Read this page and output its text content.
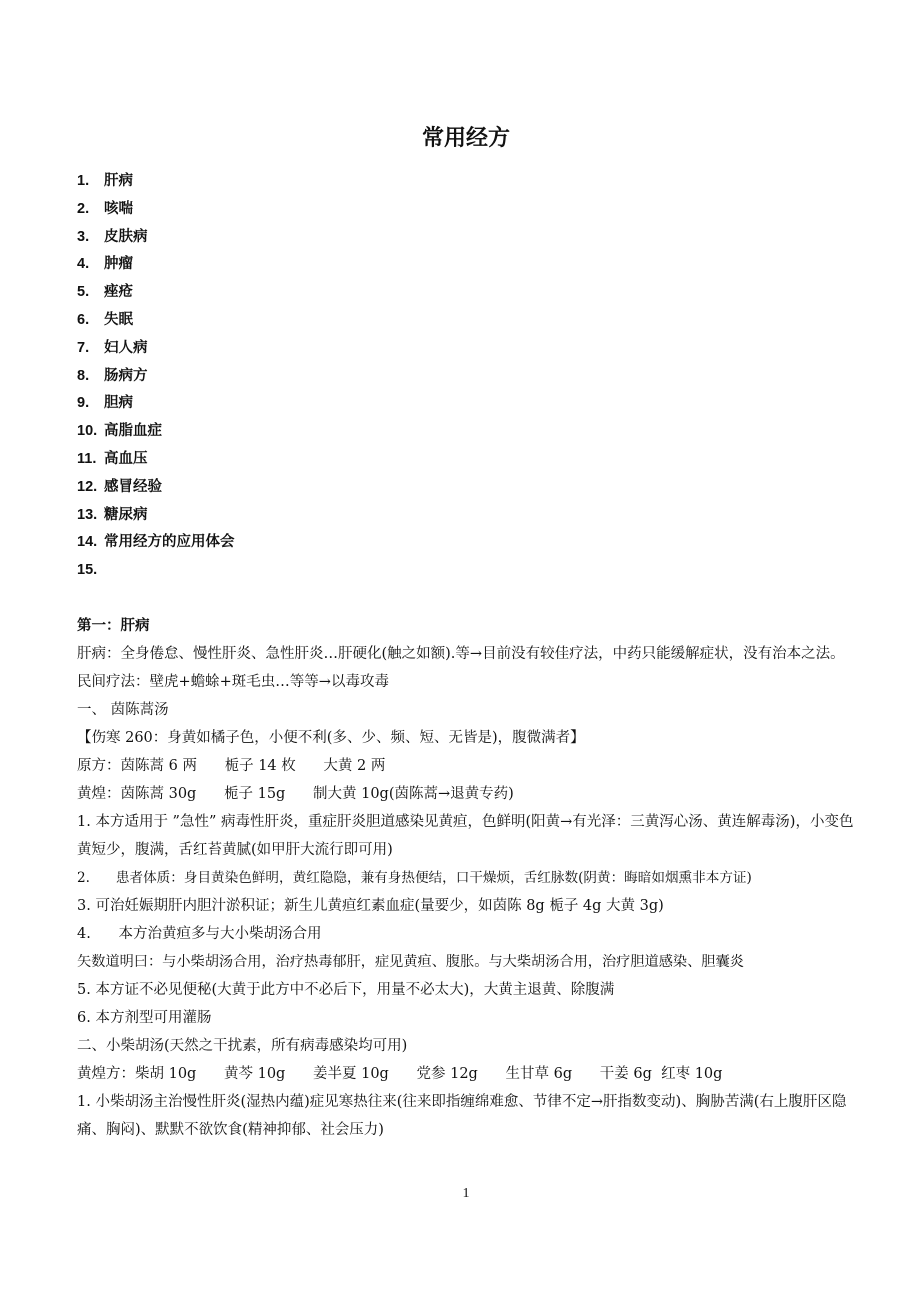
常用经方
1. 肝病
2. 咳喘
3. 皮肤病
4. 肿瘤
5. 痤疮
6. 失眠
7. 妇人病
8. 肠病方
9. 胆病
10. 高脂血症
11. 高血压
12. 感冒经验
13. 糖尿病
14. 常用经方的应用体会
15.

第一：肝病

肝病：全身倦怠、慢性肝炎、急性肝炎…肝硬化(触之如额).等→目前没有较佳疗法，中药只能缓解症状，没有治本之法。

民间疗法：壁虎+蟾蜍+斑毛虫…等等→以毒攻毒

一、 茵陈蒿汤

【伤寒 260：身黄如橘子色，小便不利(多、少、频、短、无皆是)，腹微满者】

原方：茵陈蒿 6 两      栀子 14 枚      大黄 2 两

黄煌：茵陈蒿 30g      栀子 15g      制大黄 10g(茵陈蒿→退黄专药)

1. 本方适用于 ”急性” 病毒性肝炎，重症肝炎胆道感染见黄疸，色鲜明(阳黄→有光泽：三黄泻心汤、黄连解毒汤)，小变色黄短少，腹满，舌红苔黄腻(如甲肝大流行即可用)

2.      患者体质：身目黄染色鲜明，黄红隐隐，兼有身热便结，口干燥烦，舌红脉数(阴黄：晦暗如烟熏非本方证)

3. 可治妊娠期肝内胆汁淤积证；新生儿黄疸红素血症(量要少，如茵陈 8g 栀子 4g 大黄 3g)

4.      本方治黄疸多与大小柴胡汤合用

矢数道明曰：与小柴胡汤合用，治疗热毒郁肝，症见黄疸、腹胀。与大柴胡汤合用，治疗胆道感染、胆囊炎

5. 本方证不必见便秘(大黄于此方中不必后下，用量不必太大)，大黄主退黄、除腹满

6. 本方剂型可用灌肠

二、小柴胡汤(天然之干扰素，所有病毒感染均可用)

黄煌方：柴胡 10g      黄芩 10g      姜半夏 10g      党参 12g      生甘草 6g      干姜 6g  红枣 10g

1. 小柴胡汤主治慢性肝炎(湿热内蕴)症见寒热往来(往来即指缠绵难愈、节律不定→肝指数变动)、胸胁苦满(右上腹肝区隐痛、胸闷)、默默不欲饮食(精神抑郁、社会压力)

1
